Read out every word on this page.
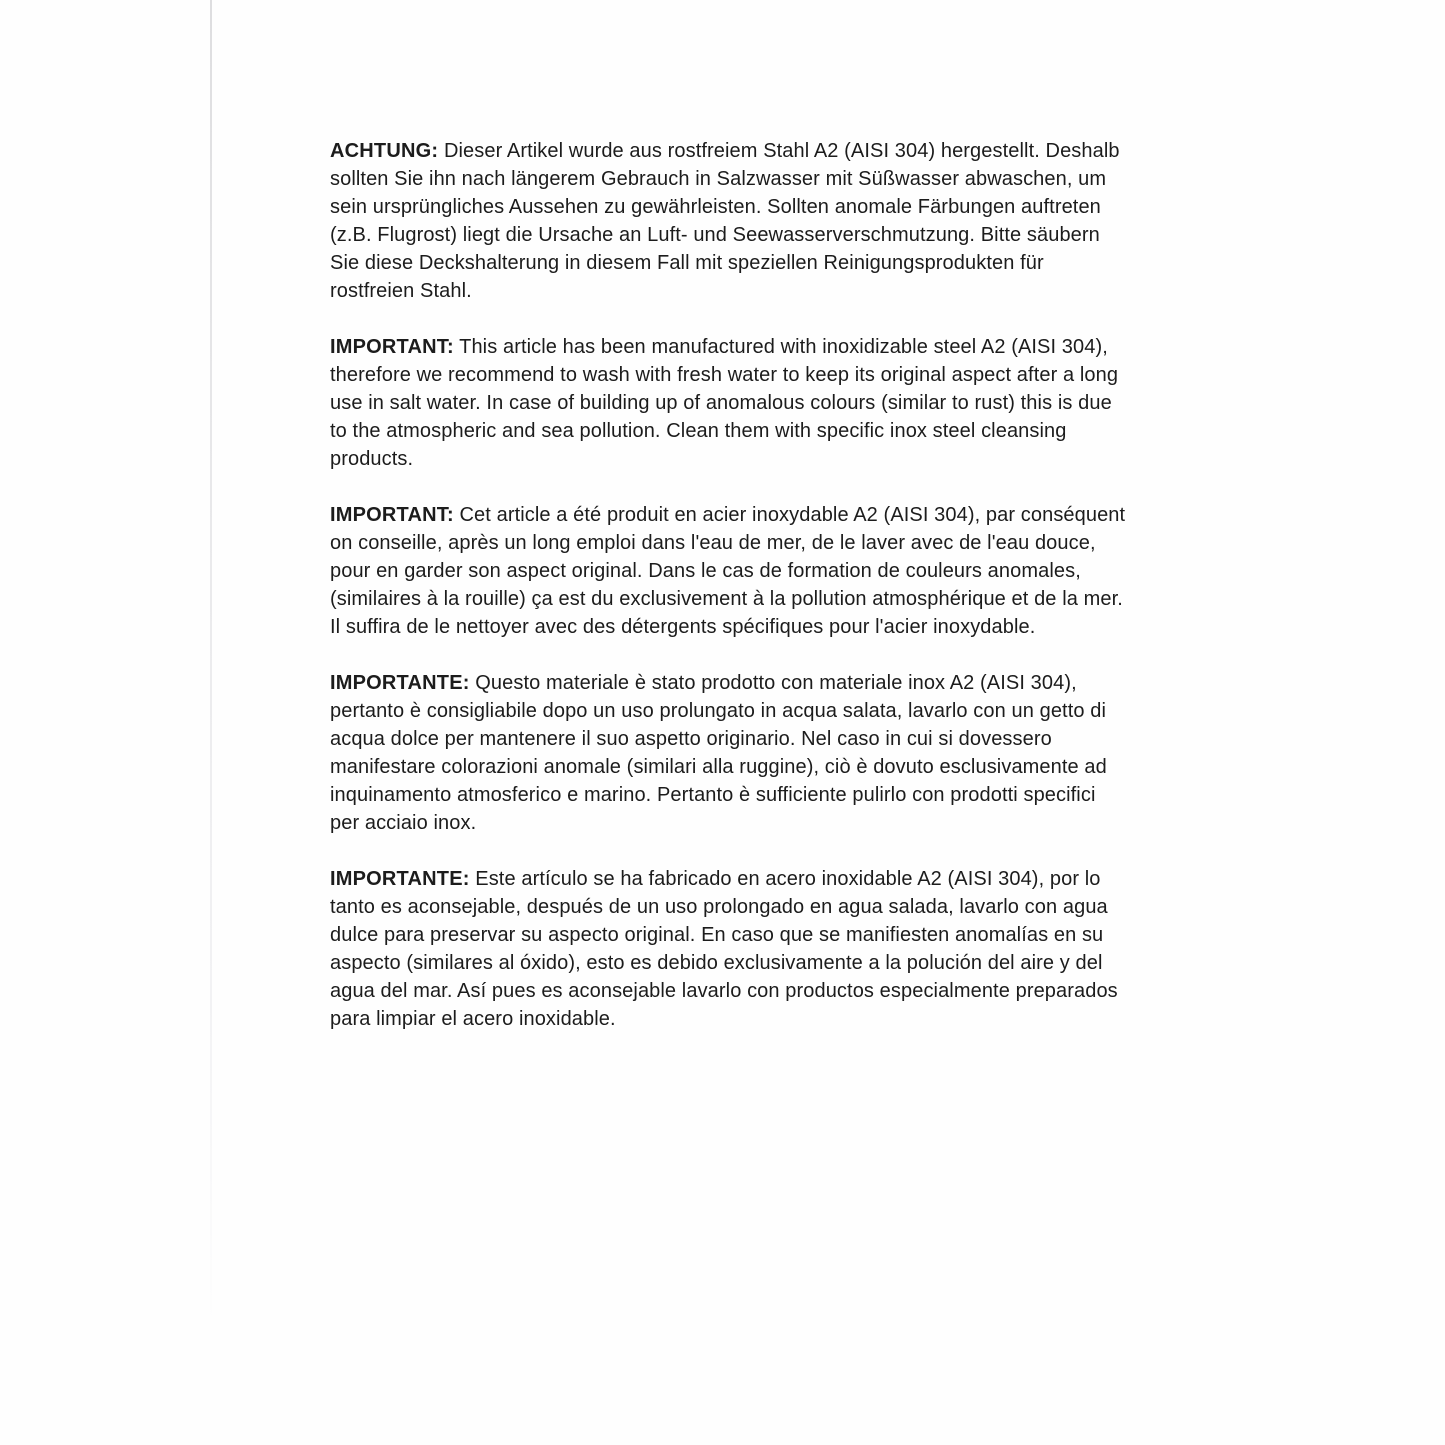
ACHTUNG: Dieser Artikel wurde aus rostfreiem Stahl A2 (AISI 304) hergestellt. Deshalb sollten Sie ihn nach längerem Gebrauch in Salzwasser mit Süßwasser abwaschen, um sein ursprüngliches Aussehen zu gewährleisten. Sollten anomale Färbungen auftreten (z.B. Flugrost) liegt die Ursache an Luft- und Seewasserverschmutzung. Bitte säubern Sie diese Deckshalterung in diesem Fall mit speziellen Reinigungsprodukten für rostfreien Stahl.

IMPORTANT: This article has been manufactured with inoxidizable steel A2 (AISI 304), therefore we recommend to wash with fresh water to keep its original aspect after a long use in salt water. In case of building up of anomalous colours (similar to rust) this is due to the atmospheric and sea pollution. Clean them with specific inox steel cleansing products.

IMPORTANT: Cet article a été produit en acier inoxydable A2 (AISI 304), par conséquent on conseille, après un long emploi dans l'eau de mer, de le laver avec de l'eau douce, pour en garder son aspect original. Dans le cas de formation de couleurs anomales, (similaires à la rouille) ça est du exclusivement à la pollution atmosphérique et de la mer. Il suffira de le nettoyer avec des détergents spécifiques pour l'acier inoxydable.

IMPORTANTE: Questo materiale è stato prodotto con materiale inox A2 (AISI 304), pertanto è consigliabile dopo un uso prolungato in acqua salata, lavarlo con un getto di acqua dolce per mantenere il suo aspetto originario. Nel caso in cui si dovessero manifestare colorazioni anomale (similari alla ruggine), ciò è dovuto esclusivamente ad inquinamento atmosferico e marino. Pertanto è sufficiente pulirlo con prodotti specifici per acciaio inox.

IMPORTANTE: Este artículo se ha fabricado en acero inoxidable A2 (AISI 304), por lo tanto es aconsejable, después de un uso prolongado en agua salada, lavarlo con agua dulce para preservar su aspecto original. En caso que se manifiesten anomalías en su aspecto (similares al óxido), esto es debido exclusivamente a la polución del aire y del agua del mar. Así pues es aconsejable lavarlo con productos especialmente preparados para limpiar el acero inoxidable.
